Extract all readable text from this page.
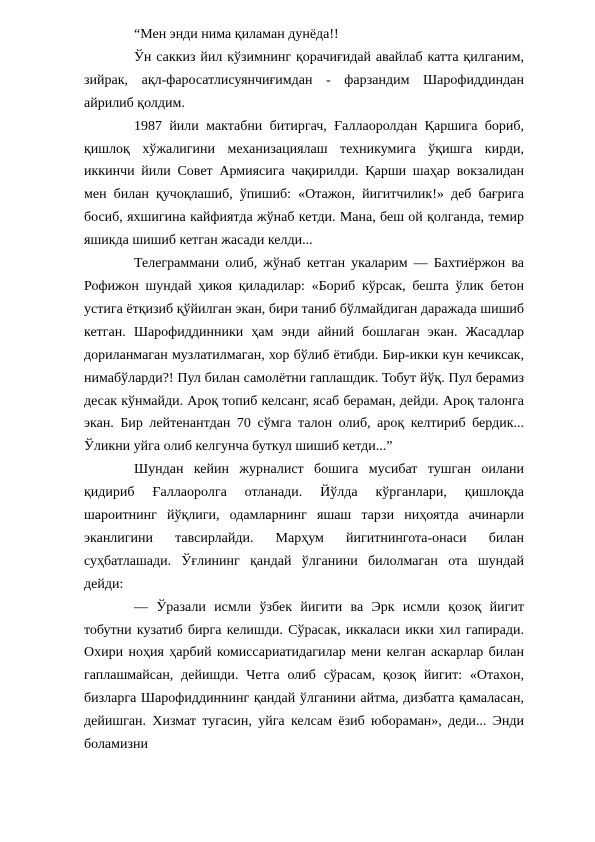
“Мен энди нима қиламан дунёда!!

Ўн саккиз йил кўзимнинг қорачиғидай авайлаб катта қилганим, зийрак, ақл-фаросатлисуянчиғимдан - фарзандим Шарофиддиндан айрилиб қолдим.

1987 йили мактабни битиргач, Ғаллаоролдан Қаршига бориб, қишлоқ хўжалигини механизациялаш техникумига ўқишга кирди, иккинчи йили Совет Армиясига чақирилди. Қарши шаҳар вокзалидан мен билан қучоқлашиб, ўпишиб: «Отажон, йигитчилик!» деб бағрига босиб, яхшигина кайфиятда жўнаб кетди. Мана, беш ой қолганда, темир яшикда шишиб кетган жасади келди...

Телеграммани олиб, жўнаб кетган укаларим — Бахтиёржон ва Рофижон шундай ҳикоя қиладилар: «Бориб кўрсак, бешта ўлик бетон устига ётқизиб қўйилган экан, бири таниб бўлмайдиган даражада шишиб кетган. Шарофиддинники ҳам энди айний бошлаган экан. Жасадлар дориланмаган музлатилмаган, хор бўлиб ётибди. Бир-икки кун кечиксак, нимабўларди?! Пул билан самолётни гаплашдик. Тобут йўқ. Пул берамиз десак кўнмайди. Ароқ топиб келсанг, ясаб бераман, дейди. Ароқ талонга экан. Бир лейтенантдан 70 сўмга талон олиб, ароқ келтириб бердик... Ўликни уйга олиб келгунча буткул шишиб кетди...”

Шундан кейин журналист бошига мусибат тушган оилани қидириб Ғаллаоролга отланади. Йўлда кўрганлари, қишлоқда шароитнинг йўқлиги, одамларнинг яшаш тарзи ниҳоятда ачинарли эканлигини тавсирлайди. Марҳум йигитнингота-онаси билан суҳбатлашади. Ўғлининг қандай ўлганини билолмаган ота шундай дейди:

— Ўразали исмли ўзбек йигити ва Эрк исмли қозоқ йигит тобутни кузатиб бирга келишди. Сўрасак, иккаласи икки хил гапиради. Охири ноҳия ҳарбий комиссариатидагилар мени келган аскарлар билан гаплашмайсан, дейишди. Четга олиб сўрасам, қозоқ йигит: «Отахон, бизларга Шарофиддиннинг қандай ўлганини айтма, дизбатга қамаласан, дейишган. Хизмат тугасин, уйга келсам ёзиб юбораман», деди... Энди боламизни
